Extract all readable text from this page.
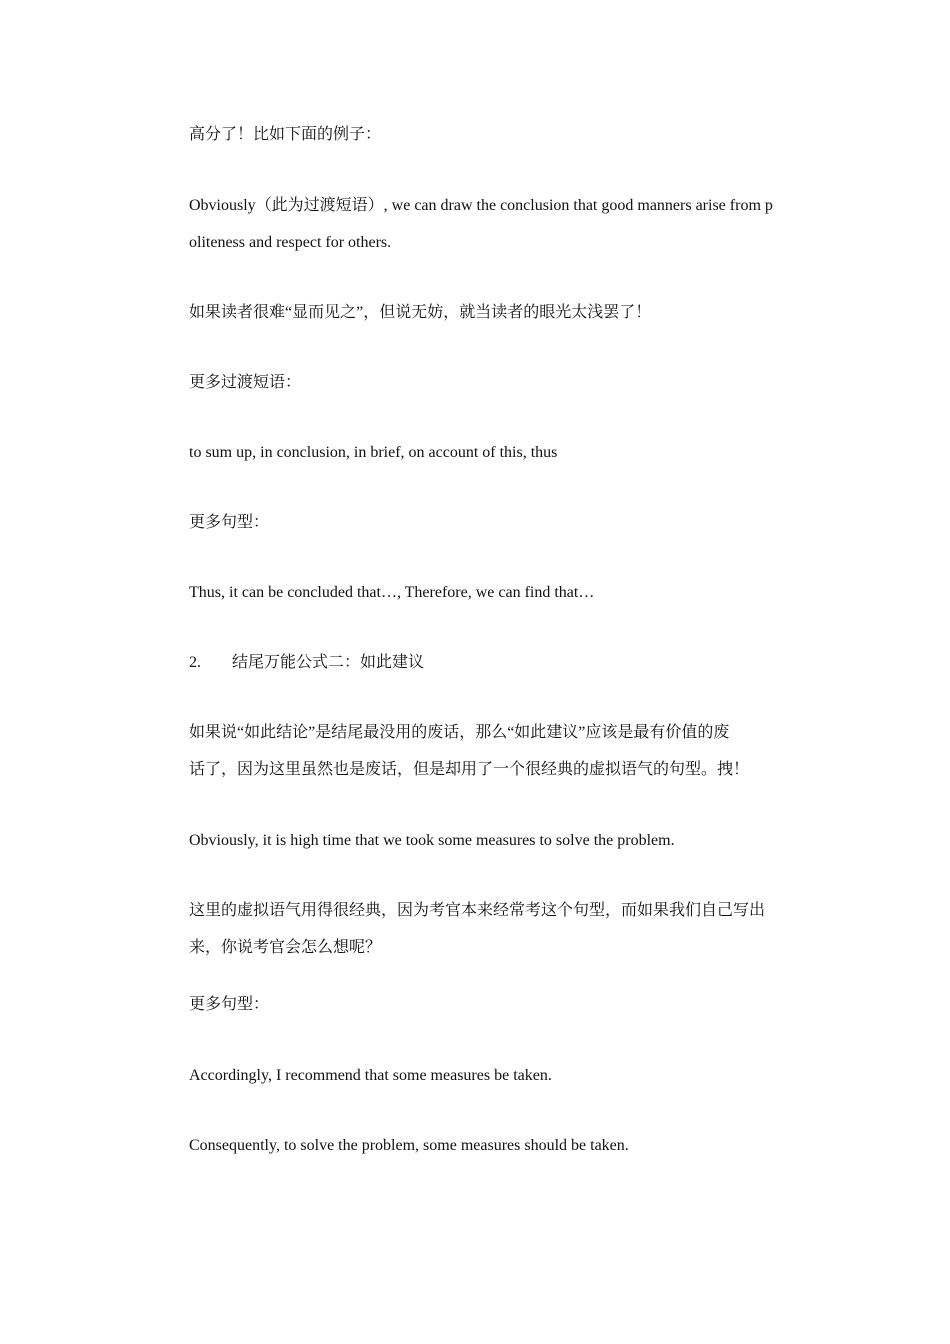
高分了！比如下面的例子：
Obviously（此为过渡短语）, we can draw the conclusion that good manners arise from p
oliteness and respect for others.
如果读者很难“显而见之”，但说无妨，就当读者的眼光太浅罢了！
更多过渡短语：
to sum up, in conclusion, in brief, on account of this, thus
更多句型：
Thus, it can be concluded that…, Therefore, we can find that…
2. 结尾万能公式二：如此建议
如果说“如此结论”是结尾最没用的废话，那么“如此建议”应该是最有价值的废
话了，因为这里虽然也是废话，但是却用了一个很经典的虚拟语气的句型。拽！
Obviously, it is high time that we took some measures to solve the problem.
这里的虚拟语气用得很经典，因为考官本来经常考这个句型，而如果我们自己写出
来，你说考官会怎么想呢？
更多句型：
Accordingly, I recommend that some measures be taken.
Consequently, to solve the problem, some measures should be taken.
